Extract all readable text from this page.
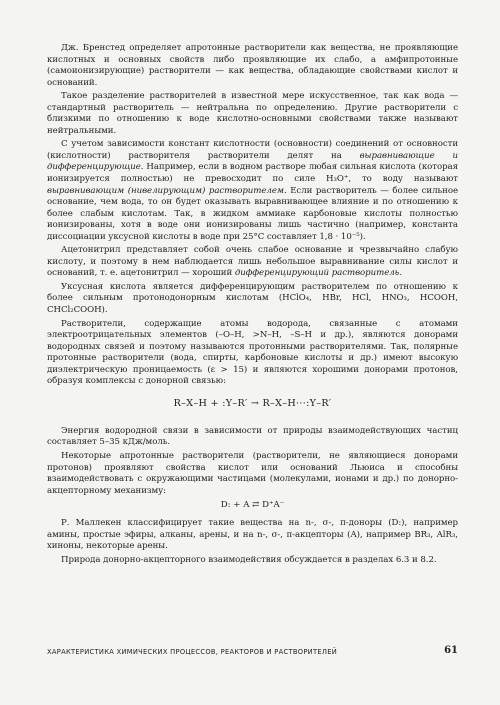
Дж. Бренстед определяет апротонные растворители как вещества, не проявляющие кислотных и основных свойств либо проявляющие их слабо, а амфипротонные (самоионизирующие) растворители — как вещества, обладающие свойствами кислот и оснований.

Такое разделение растворителей в известной мере искусственное, так как вода — стандартный растворитель — нейтральна по определению. Другие растворители с близкими по отношению к воде кислотно-основными свойствами также называют нейтральными.

С учетом зависимости констант кислотности (основности) соединений от основности (кислотности) растворителя растворители делят на выравнивающие и дифференцирующие. Например, если в водном растворе любая сильная кислота (которая ионизируется полностью) не превосходит по силе H₃O⁺, то воду называют выравнивающим (нивелирующим) растворителем. Если растворитель — более сильное основание, чем вода, то он будет оказывать выравнивающее влияние и по отношению к более слабым кислотам. Так, в жидком аммиаке карбоновые кислоты полностью ионизированы, хотя в воде они ионизированы лишь частично (например, константа диссоциации уксусной кислоты в воде при 25°C составляет 1,8 · 10⁻⁵).

Ацетонитрил представляет собой очень слабое основание и чрезвычайно слабую кислоту, и поэтому в нем наблюдается лишь небольшое выравнивание силы кислот и оснований, т. е. ацетонитрил — хороший дифференцирующий растворитель.

Уксусная кислота является дифференцирующим растворителем по отношению к более сильным протонодонорным кислотам (HClO₄, HBr, HCl, HNO₃, HCOOH, CHCl₂COOH).

Растворители, содержащие атомы водорода, связанные с атомами электроотрицательных элементов (–O–H, >N–H, –S–H и др.), являются донорами водородных связей и поэтому называются протонными растворителями. Так, полярные протонные растворители (вода, спирты, карбоновые кислоты и др.) имеют высокую диэлектрическую проницаемость (ε > 15) и являются хорошими донорами протонов, образуя комплексы с донорной связью:

R–X–H + :Y–R′ → R–X–H···:Y–R′

Энергия водородной связи в зависимости от природы взаимодействующих частиц составляет 5–35 кДж/моль.

Некоторые апротонные растворители (растворители, не являющиеся донорами протонов) проявляют свойства кислот или оснований Льюиса и способны взаимодействовать с окружающими частицами (молекулами, ионами и др.) по донорно-акцепторному механизму:

D: + A ⇄ D⁺A⁻

Р. Маллекен классифицирует такие вещества на n-, σ-, π-доноры (D:), например амины, простые эфиры, алканы, арены, и на n-, σ-, π-акцепторы (A), например BR₃, AlR₃, хиноны, некоторые арены.

Природа донорно-акцепторного взаимодействия обсуждается в разделах 6.3 и 8.2.

ХАРАКТЕРИСТИКА ХИМИЧЕСКИХ ПРОЦЕССОВ, РЕАКТОРОВ И РАСТВОРИТЕЛЕЙ	61
